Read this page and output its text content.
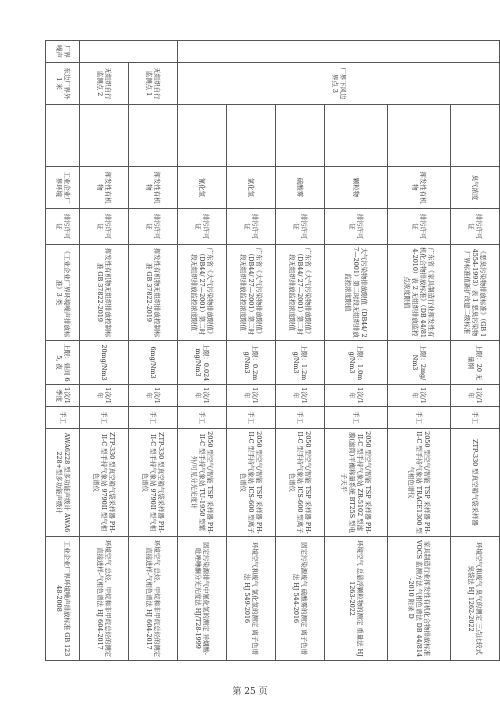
	厂界下风边界点 3		臭气浓度	排污许可证	《恶臭污染物排放标准》（GB 14554-1993）表 1 恶臭污染物厂界标准值新扩改建二级标准	上限：20 无量纲	1次/1年	手工	ZTP-330 型真空箱气袋采样器	环境空气和废气 臭气的测定 三点比较式臭袋法 HJ 1262-2022
			挥发性有机物	排污许可证	广东省《家具制造行业挥发性有机化合物排放标准》（DB 44/814-2010）表 2 无组织排放监控点浓度限值	上限：2mg/Nm3	1次/1年	手工	2050 型空气/智能 TSP 采样器 PH-II-C 型手持气象站 TRACE1300 型气相色谱仪	家具制造行业挥发性有机化合物排放标准 VOCS 监测方法 气相色谱法 DB 44/814-2010 附录 D
			颗粒物	排污许可证	大气污染物排放限值（DB44/ 27—2001）第二时段无组织排放监控浓度限值	上限：1.0mg/Nm3	1次/1年	手工	2050 型空气/智能 TSP 采样器 PH-II-C 型手持气象站 ZR-5102 型滤膜(滤筒)平衡称量系统 BT25S 型电子天平	环境空气 总悬浮颗粒物的测定 重量法 HJ 1263-2022
			硫酸雾	排污许可证	广东省《大气污染物排放限值》（DB44/ 27—2001）第二时段无组织排放监控浓度限值	上限：1.2mg/Nm3	1次/1年	手工	2050 型空气/智能 TSP 采样器 PH-II-C 型手持气象站 ICS-600 型离子色谱仪	固定污染源废气 硫酸雾的测定 离子色谱法 HJ 544-2016
			氯化氢	排污许可证	广东省《大气污染物排放限值》（DB44/ 27—2001）第二时段无组织排放监控浓度限值	上限：0.2mg/Nm3	1次/1年	手工	2050 型空气/智能 TSP 采样器 PH-II-C 型手持气象站 ICS-600 型离子色谱仪	环境空气和废气 氯化氢的测定 离子色谱法 HJ 549-2016
			氰化氢	排污许可证	广东省《大气污染物排放限值》（DB44/ 27—2001）第二时段无组织排放监控浓度限值	上限：0.024mg/Nm3	1次/1年	手工	2050 型空气/智能 TSP 采样器 PH-II-C 型手持气象站 TU-1950 型紫外/可见分光光度计	固定污染源排气中氰化氢的测定 异烟酸-吡唑啉酮分光光度法 HJ/T28-1999
	无组织自行监测点 1		挥发性有机物	排污许可证	挥发性有机物无组织排放控制标准 GB 37822-2019	6mg/Nm3	1次/1年	手工	ZTP-330 型真空箱气袋采样器 PH-II-C 型手持气象站 9790II 型气相色谱仪	环境空气 总烃、甲烷和非甲烷总烃的测定 直接进样-气相色谱法 HJ 604-2017
	无组织自行监测点 2		挥发性有机物	排污许可证	挥发性有机物无组织排放控制标准 GB 37822-2019	20mg/Nm3	1次/1年	手工	ZTP-330 型真空箱气袋采样器 PH-II-C 型手持气象站 9790II 型气相色谱仪	环境空气 总烃、甲烷和非甲烷总烃的测定 直接进样-气相色谱法 HJ 604-2017
厂界噪声	东边厂界外 1 米		工业企业厂界环境	排污许可证	《工业企业厂界环境噪声排放标准》3 类	上限：昼间 65, 夜	1次/1季度	手工	AWA6228 型多功能声级计 AWA6228+型多功能声级计	工业企业厂界环境噪声排放标准 GB 12348-2008
第 25 页
